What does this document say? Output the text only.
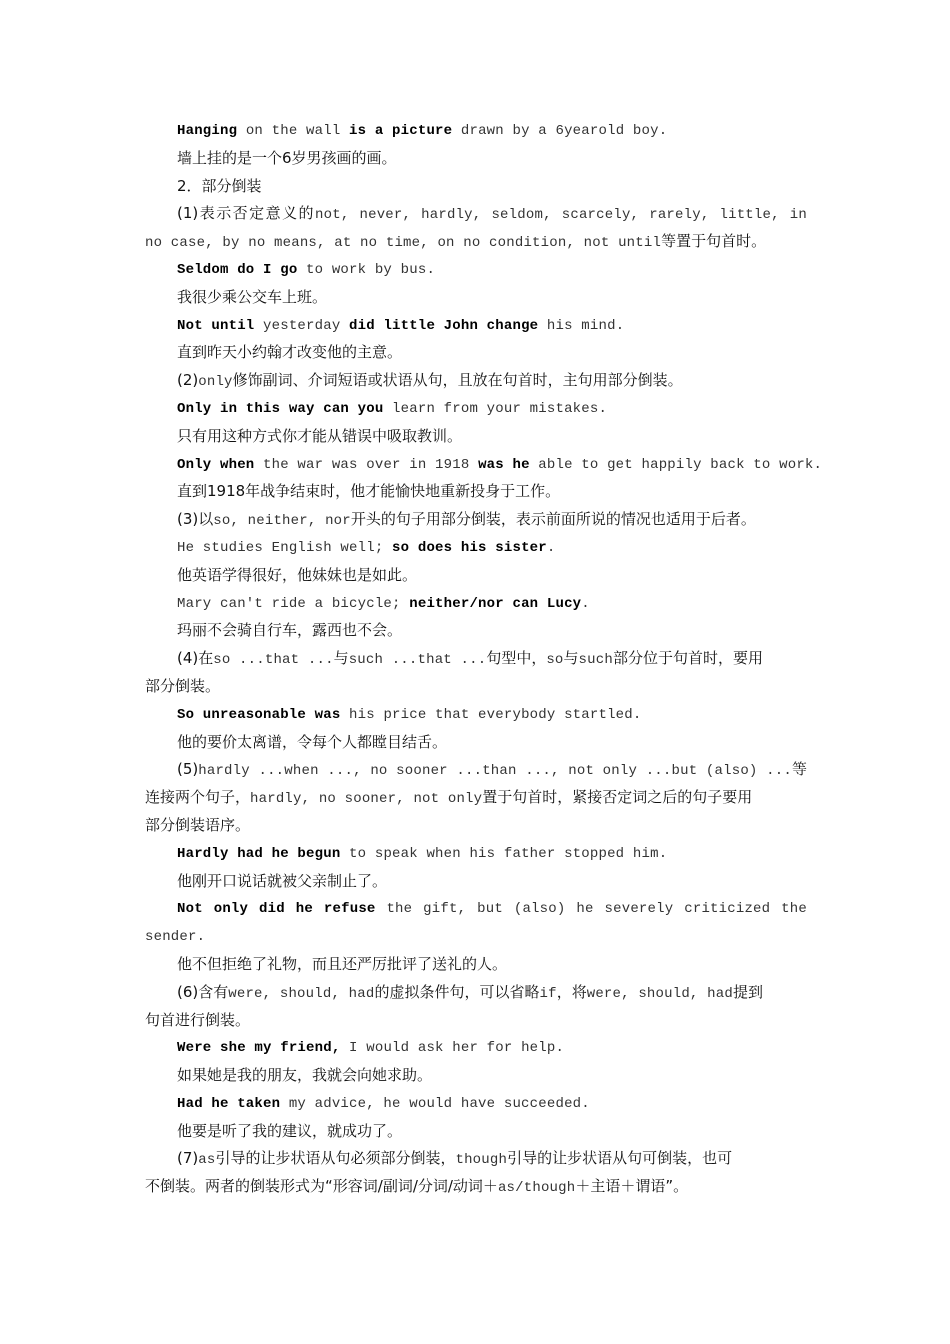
Hanging on the wall is a picture drawn by a 6yearold boy.
墙上挂的是一个6岁男孩画的画。
2．部分倒装
(1)表示否定意义的not, never, hardly, seldom, scarcely, rarely, little, in
no case, by no means, at no time, on no condition, not until等置于句首时。
Seldom do I go to work by bus.
我很少乘公交车上班。
Not until yesterday did little John change his mind.
直到昨天小约翰才改变他的主意。
(2)only修饰副词、介词短语或状语从句，且放在句首时，主句用部分倒装。
Only in this way can you learn from your mistakes.
只有用这种方式你才能从错误中吸取教训。
Only when the war was over in 1918 was he able to get happily back to work.
直到1918年战争结束时，他才能愉快地重新投身于工作。
(3)以so, neither, nor开头的句子用部分倒装，表示前面所说的情况也适用于后者。
He studies English well; so does his sister.
他英语学得很好，他妹妹也是如此。
Mary can't ride a bicycle; neither/nor can Lucy.
玛丽不会骑自行车，露西也不会。
(4)在so ...that ...与such ...that ...句型中，so与such部分位于句首时，要用
部分倒装。
So unreasonable was his price that everybody startled.
他的要价太离谱，令每个人都瞠目结舌。
(5)hardly ...when ..., no sooner ...than ..., not only ...but (also) ...等
连接两个句子，hardly, no sooner, not only置于句首时，紧接否定词之后的句子要用
部分倒装语序。
Hardly had he begun to speak when his father stopped him.
他刚开口说话就被父亲制止了。
Not only did he refuse the gift, but (also) he severely criticized the
sender.
他不但拒绝了礼物，而且还严厉批评了送礼的人。
(6)含有were, should, had的虚拟条件句，可以省略if，将were, should, had提到
句首进行倒装。
Were she my friend, I would ask her for help.
如果她是我的朋友，我就会向她求助。
Had he taken my advice, he would have succeeded.
他要是听了我的建议，就成功了。
(7)as引导的让步状语从句必须部分倒装，though引导的让步状语从句可倒装，也可
不倒装。两者的倒装形式为“形容词/副词/分词/动词＋as/though＋主语＋谓语”。
